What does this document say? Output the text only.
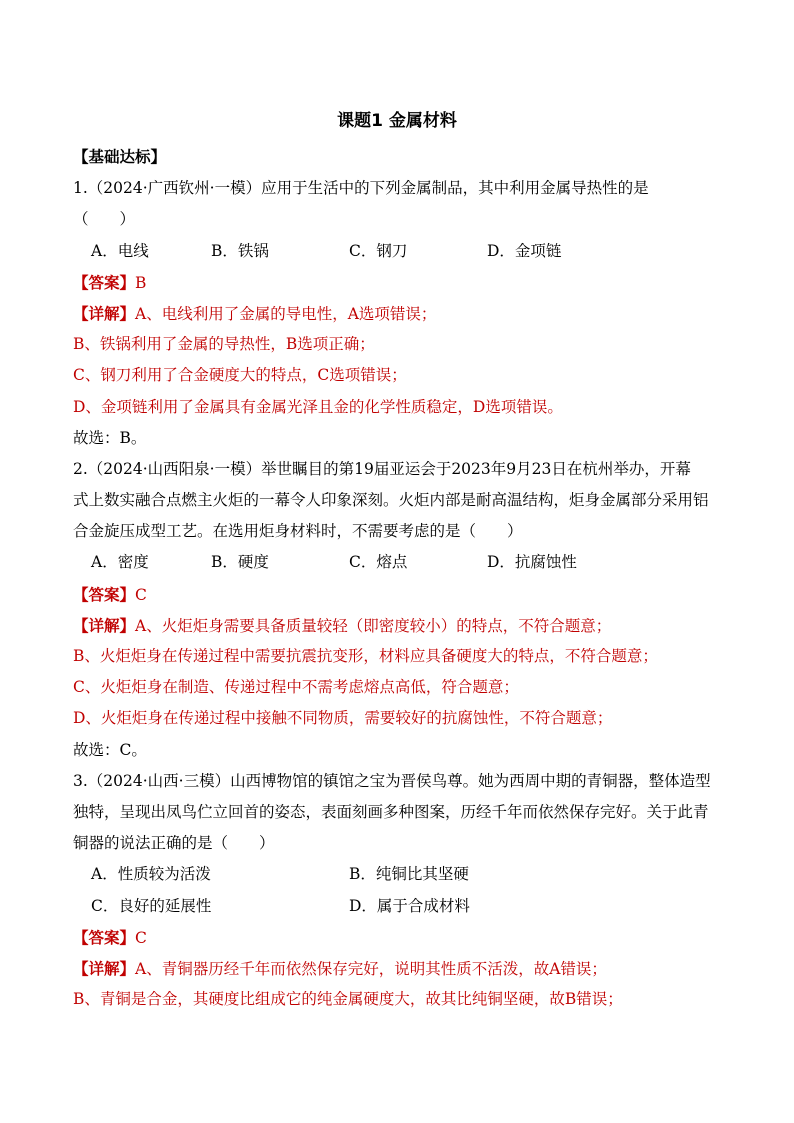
课题1 金属材料
【基础达标】
1.（2024·广西钦州·一模）应用于生活中的下列金属制品，其中利用金属导热性的是
（　　）
A．电线	B．铁锅	C．钢刀	D．金项链
【答案】B
【详解】A、电线利用了金属的导电性，A选项错误；
B、铁锅利用了金属的导热性，B选项正确；
C、钢刀利用了合金硬度大的特点，C选项错误；
D、金项链利用了金属具有金属光泽且金的化学性质稳定，D选项错误。
故选：B。
2.（2024·山西阳泉·一模）举世瞩目的第19届亚运会于2023年9月23日在杭州举办，开幕
式上数实融合点燃主火炬的一幕令人印象深刻。火炬内部是耐高温结构，炬身金属部分采用铝
合金旋压成型工艺。在选用炬身材料时，不需要考虑的是（　　）
A．密度	B．硬度	C．熔点	D．抗腐蚀性
【答案】C
【详解】A、火炬炬身需要具备质量较轻（即密度较小）的特点，不符合题意；
B、火炬炬身在传递过程中需要抗震抗变形，材料应具备硬度大的特点，不符合题意；
C、火炬炬身在制造、传递过程中不需考虑熔点高低，符合题意；
D、火炬炬身在传递过程中接触不同物质，需要较好的抗腐蚀性，不符合题意；
故选：C。
3.（2024·山西·三模）山西博物馆的镇馆之宝为晋侯鸟尊。她为西周中期的青铜器，整体造型
独特，呈现出凤鸟伫立回首的姿态，表面刻画多种图案，历经千年而依然保存完好。关于此青
铜器的说法正确的是（　　）
A．性质较为活泼	B．纯铜比其坚硬
C．良好的延展性	D．属于合成材料
【答案】C
【详解】A、青铜器历经千年而依然保存完好，说明其性质不活泼，故A错误；
B、青铜是合金，其硬度比组成它的纯金属硬度大，故其比纯铜坚硬，故B错误；
